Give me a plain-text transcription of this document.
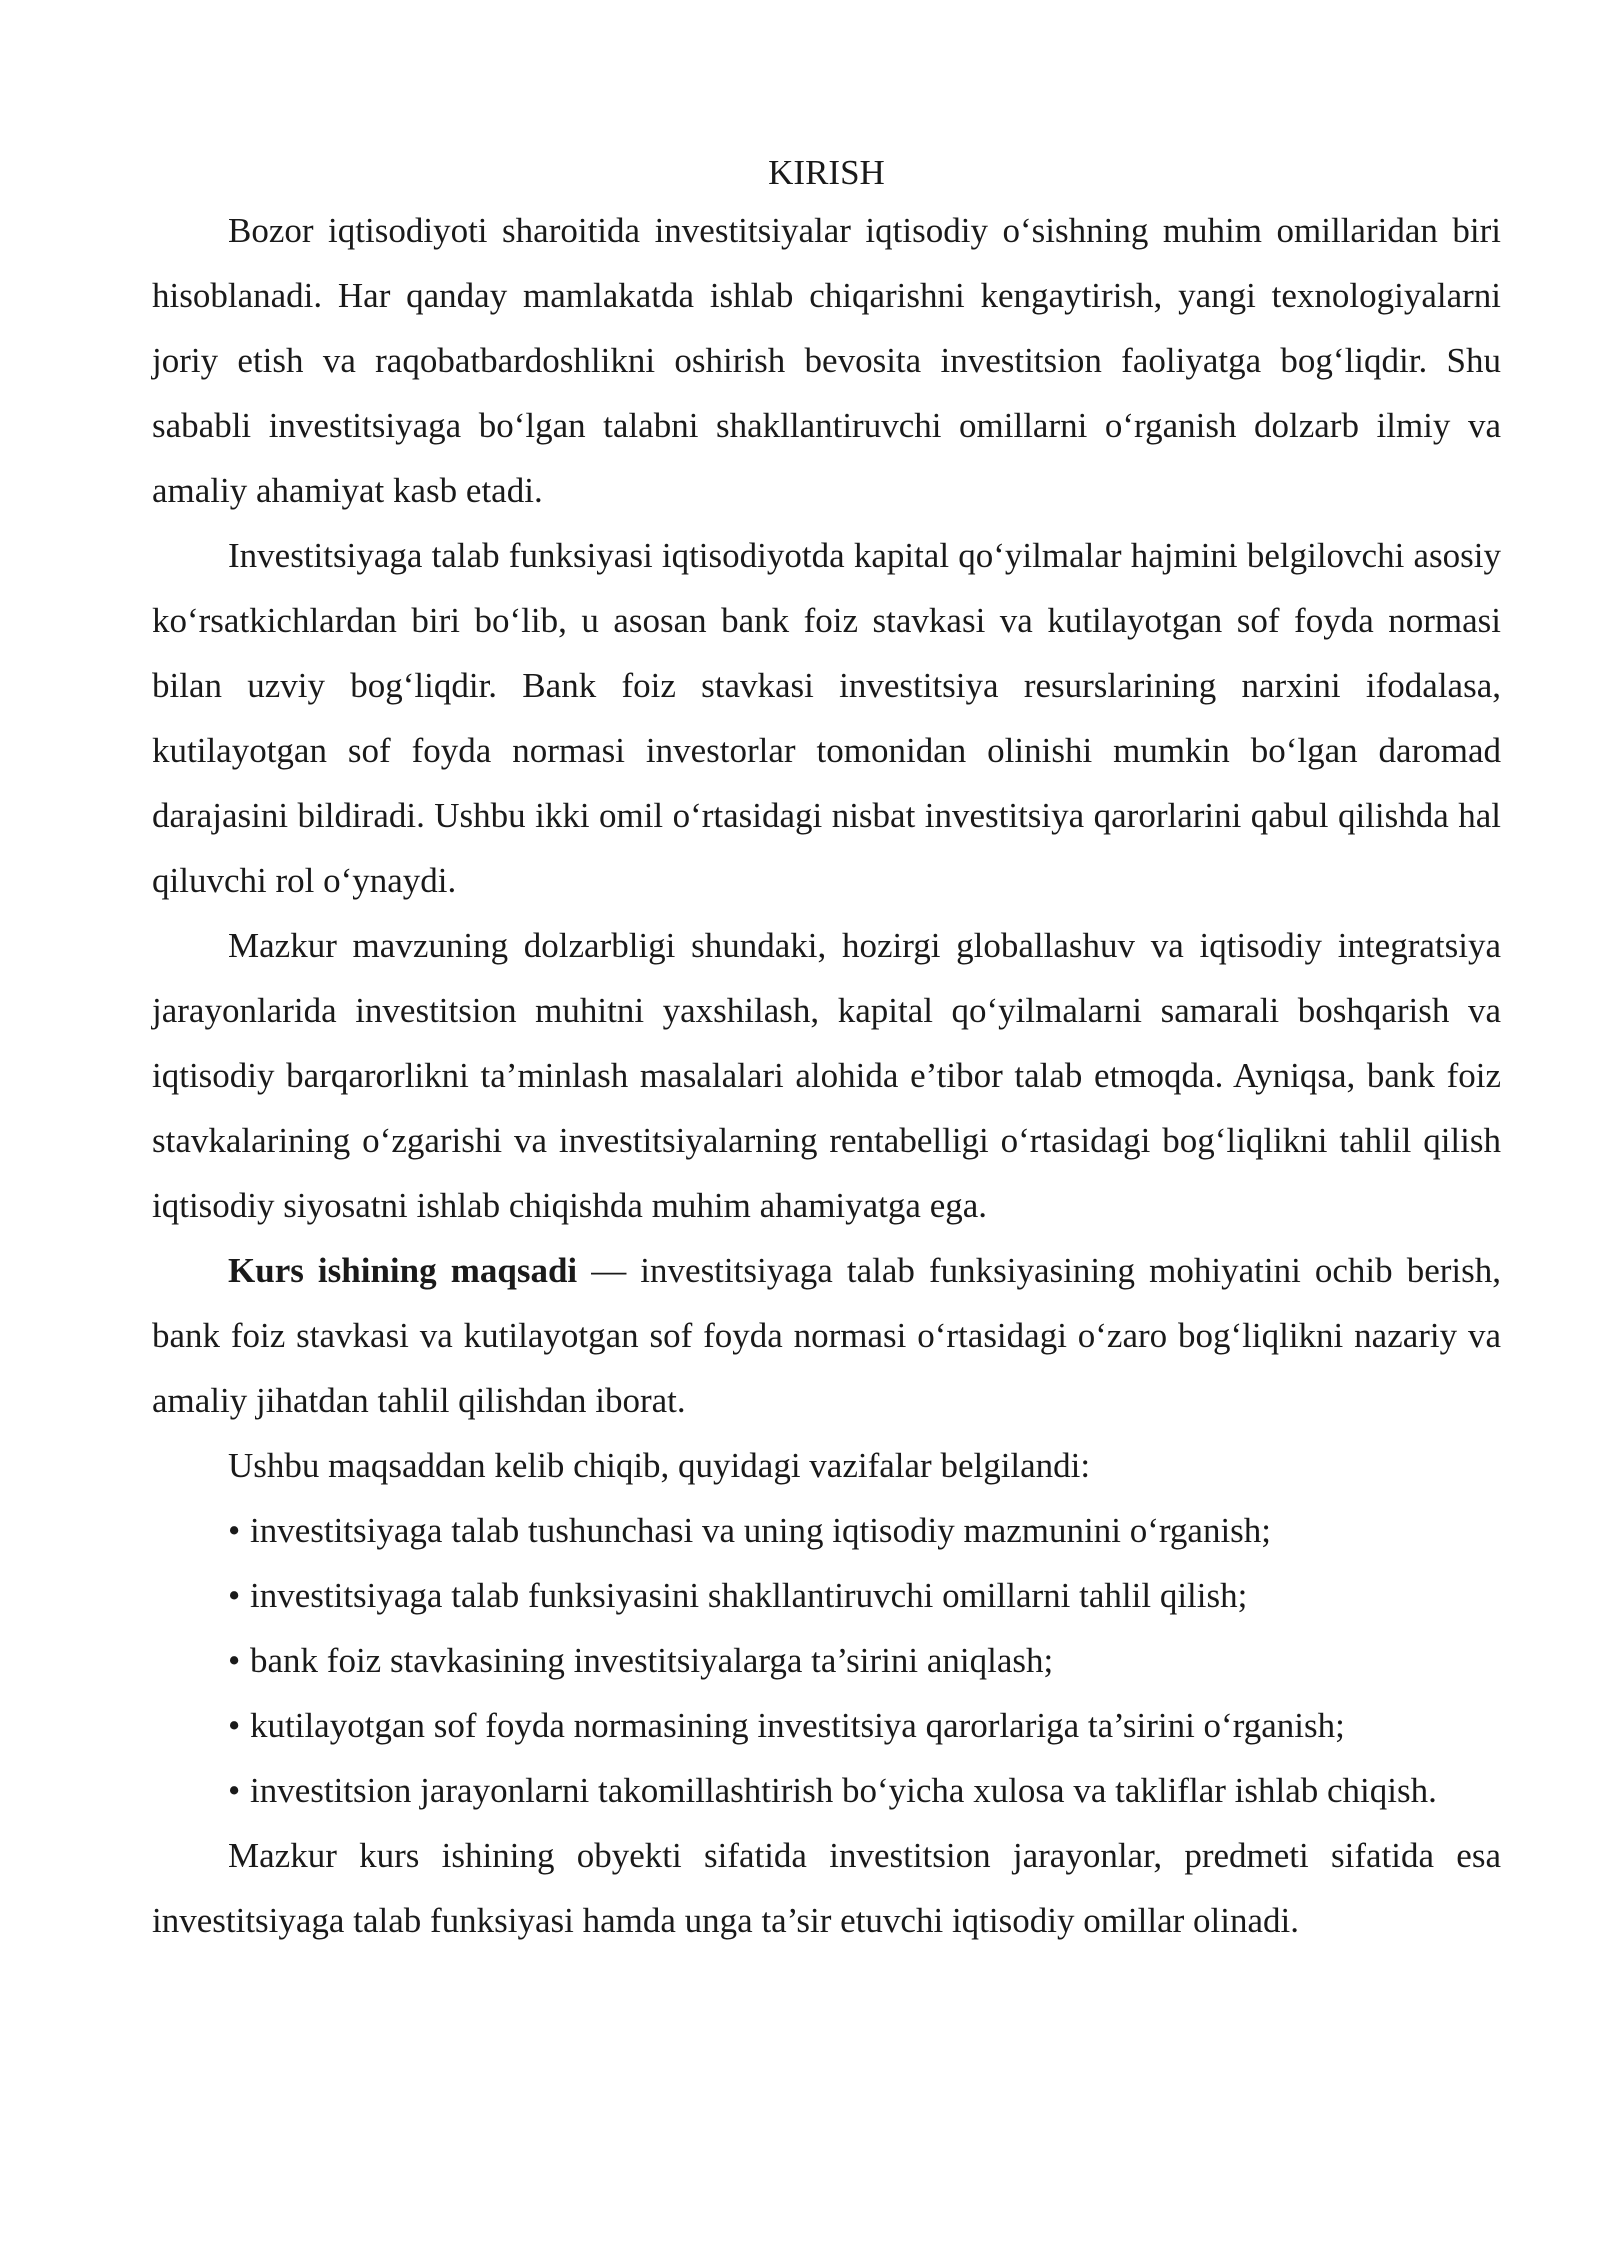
KIRISH

Bozor iqtisodiyoti sharoitida investitsiyalar iqtisodiy o‘sishning muhim omillaridan biri hisoblanadi. Har qanday mamlakatda ishlab chiqarishni kengaytirish, yangi texnologiyalarni joriy etish va raqobatbardoshlikni oshirish bevosita investitsion faoliyatga bog‘liqdir. Shu sababli investitsiyaga bo‘lgan talabni shakllantiruvchi omillarni o‘rganish dolzarb ilmiy va amaliy ahamiyat kasb etadi.

Investitsiyaga talab funksiyasi iqtisodiyotda kapital qo‘yilmalar hajmini belgilovchi asosiy ko‘rsatkichlardan biri bo‘lib, u asosan bank foiz stavkasi va kutilayotgan sof foyda normasi bilan uzviy bog‘liqdir. Bank foiz stavkasi investitsiya resurslarining narxini ifodalasa, kutilayotgan sof foyda normasi investorlar tomonidan olinishi mumkin bo‘lgan daromad darajasini bildiradi. Ushbu ikki omil o‘rtasidagi nisbat investitsiya qarorlarini qabul qilishda hal qiluvchi rol o‘ynaydi.

Mazkur mavzuning dolzarbligi shundaki, hozirgi globallashuv va iqtisodiy integratsiya jarayonlarida investitsion muhitni yaxshilash, kapital qo‘yilmalarni samarali boshqarish va iqtisodiy barqarorlikni ta’minlash masalalari alohida e’tibor talab etmoqda. Ayniqsa, bank foiz stavkalarining o‘zgarishi va investitsiyalarning rentabelligi o‘rtasidagi bog‘liqlikni tahlil qilish iqtisodiy siyosatni ishlab chiqishda muhim ahamiyatga ega.

Kurs ishining maqsadi — investitsiyaga talab funksiyasining mohiyatini ochib berish, bank foiz stavkasi va kutilayotgan sof foyda normasi o‘rtasidagi o‘zaro bog‘liqlikni nazariy va amaliy jihatdan tahlil qilishdan iborat.

Ushbu maqsaddan kelib chiqib, quyidagi vazifalar belgilandi:

• investitsiyaga talab tushunchasi va uning iqtisodiy mazmunini o‘rganish;

• investitsiyaga talab funksiyasini shakllantiruvchi omillarni tahlil qilish;

• bank foiz stavkasining investitsiyalarga ta’sirini aniqlash;

• kutilayotgan sof foyda normasining investitsiya qarorlariga ta’sirini o‘rganish;

• investitsion jarayonlarni takomillashtirish bo‘yicha xulosa va takliflar ishlab chiqish.

Mazkur kurs ishining obyekti sifatida investitsion jarayonlar, predmeti sifatida esa investitsiyaga talab funksiyasi hamda unga ta’sir etuvchi iqtisodiy omillar olinadi.
